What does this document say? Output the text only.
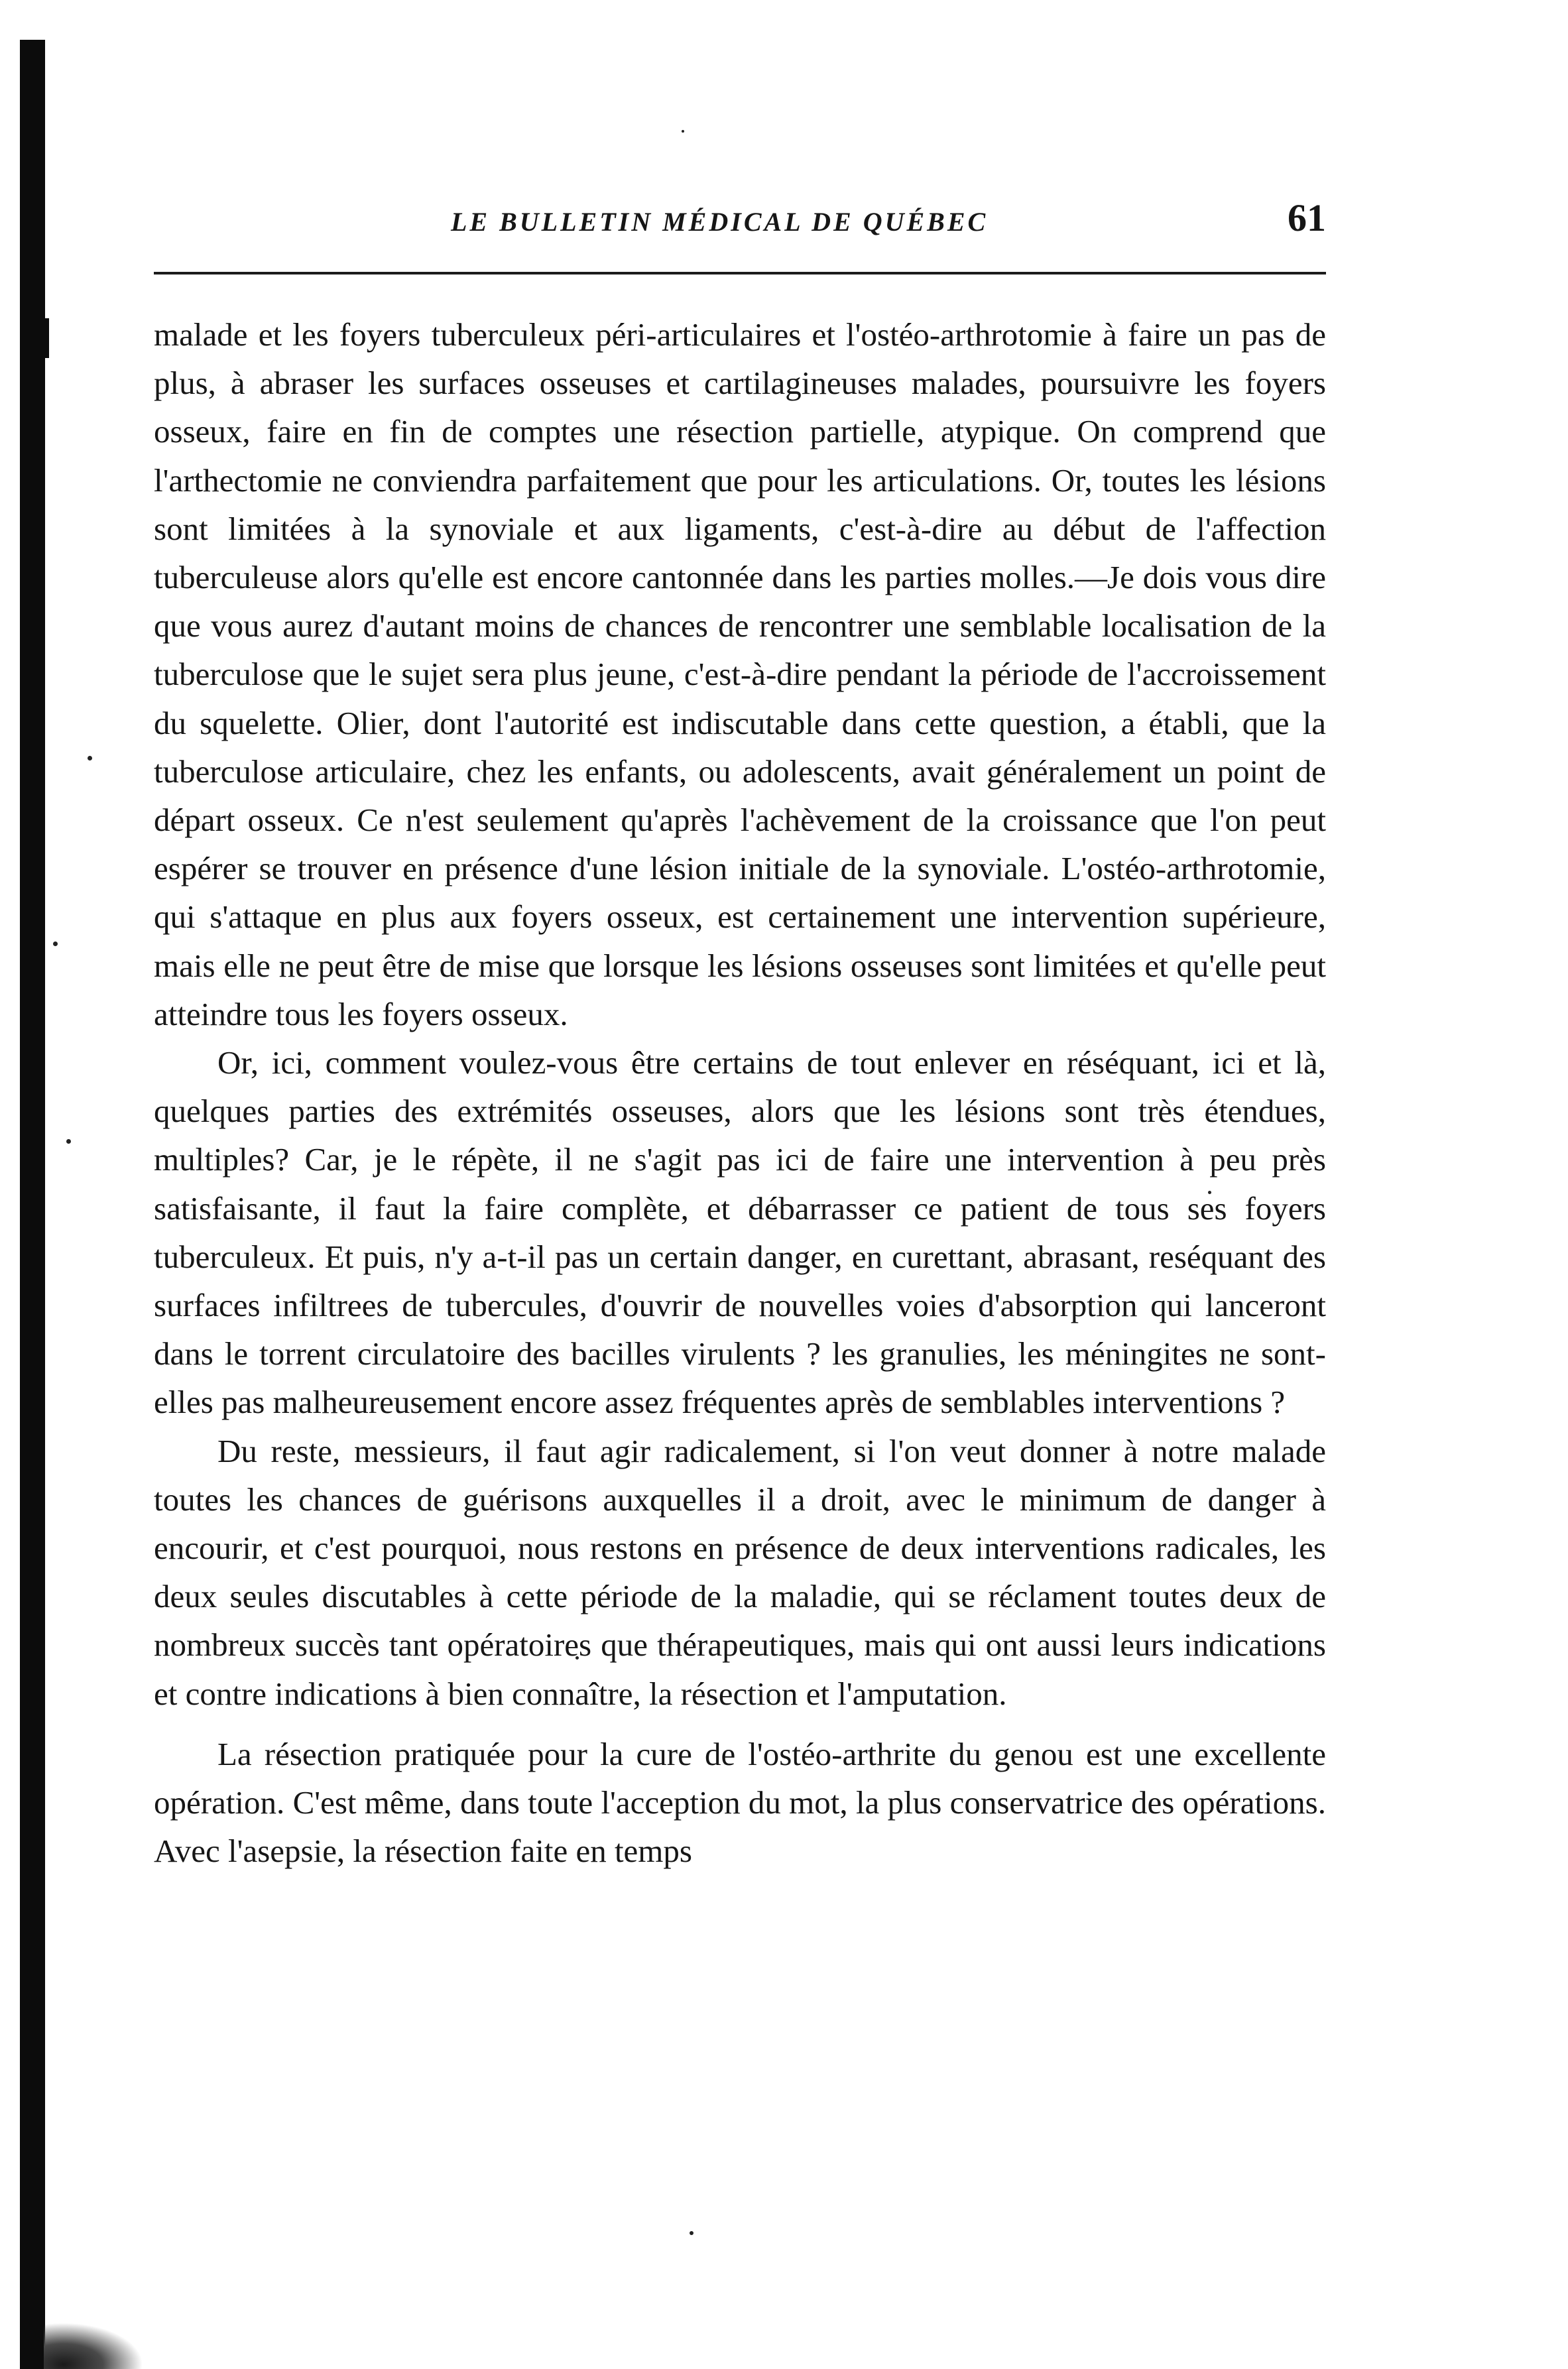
LE BULLETIN MÉDICAL DE QUÉBEC	61

malade et les foyers tuberculeux péri-articulaires et l'ostéo-arthrotomie à faire un pas de plus, à abraser les surfaces osseuses et cartilagineuses malades, poursuivre les foyers osseux, faire en fin de comptes une résection partielle, atypique. On comprend que l'arthectomie ne conviendra parfaitement que pour les articulations. Or, toutes les lésions sont limitées à la synoviale et aux ligaments, c'est-à-dire au début de l'affection tuberculeuse alors qu'elle est encore cantonnée dans les parties molles.—Je dois vous dire que vous aurez d'autant moins de chances de rencontrer une semblable localisation de la tuberculose que le sujet sera plus jeune, c'est-à-dire pendant la période de l'accroissement du squelette. Olier, dont l'autorité est indiscutable dans cette question, a établi, que la tuberculose articulaire, chez les enfants, ou adolescents, avait généralement un point de départ osseux. Ce n'est seulement qu'après l'achèvement de la croissance que l'on peut espérer se trouver en présence d'une lésion initiale de la synoviale. L'ostéo-arthrotomie, qui s'attaque en plus aux foyers osseux, est certainement une intervention supérieure, mais elle ne peut être de mise que lorsque les lésions osseuses sont limitées et qu'elle peut atteindre tous les foyers osseux.

Or, ici, comment voulez-vous être certains de tout enlever en réséquant, ici et là, quelques parties des extrémités osseuses, alors que les lésions sont très étendues, multiples? Car, je le répète, il ne s'agit pas ici de faire une intervention à peu près satisfaisante, il faut la faire complète, et débarrasser ce patient de tous ses foyers tuberculeux. Et puis, n'y a-t-il pas un certain danger, en curettant, abrasant, reséquant des surfaces infiltrees de tubercules, d'ouvrir de nouvelles voies d'absorption qui lanceront dans le torrent circulatoire des bacilles virulents ? les granulies, les méningites ne sont-elles pas malheureusement encore assez fréquentes après de semblables interventions ?

Du reste, messieurs, il faut agir radicalement, si l'on veut donner à notre malade toutes les chances de guérisons auxquelles il a droit, avec le minimum de danger à encourir, et c'est pourquoi, nous restons en présence de deux interventions radicales, les deux seules discutables à cette période de la maladie, qui se réclament toutes deux de nombreux succès tant opératoires que thérapeutiques, mais qui ont aussi leurs indications et contre indications à bien connaître, la résection et l'amputation.

La résection pratiquée pour la cure de l'ostéo-arthrite du genou est une excellente opération. C'est même, dans toute l'acception du mot, la plus conservatrice des opérations. Avec l'asepsie, la résection faite en temps
